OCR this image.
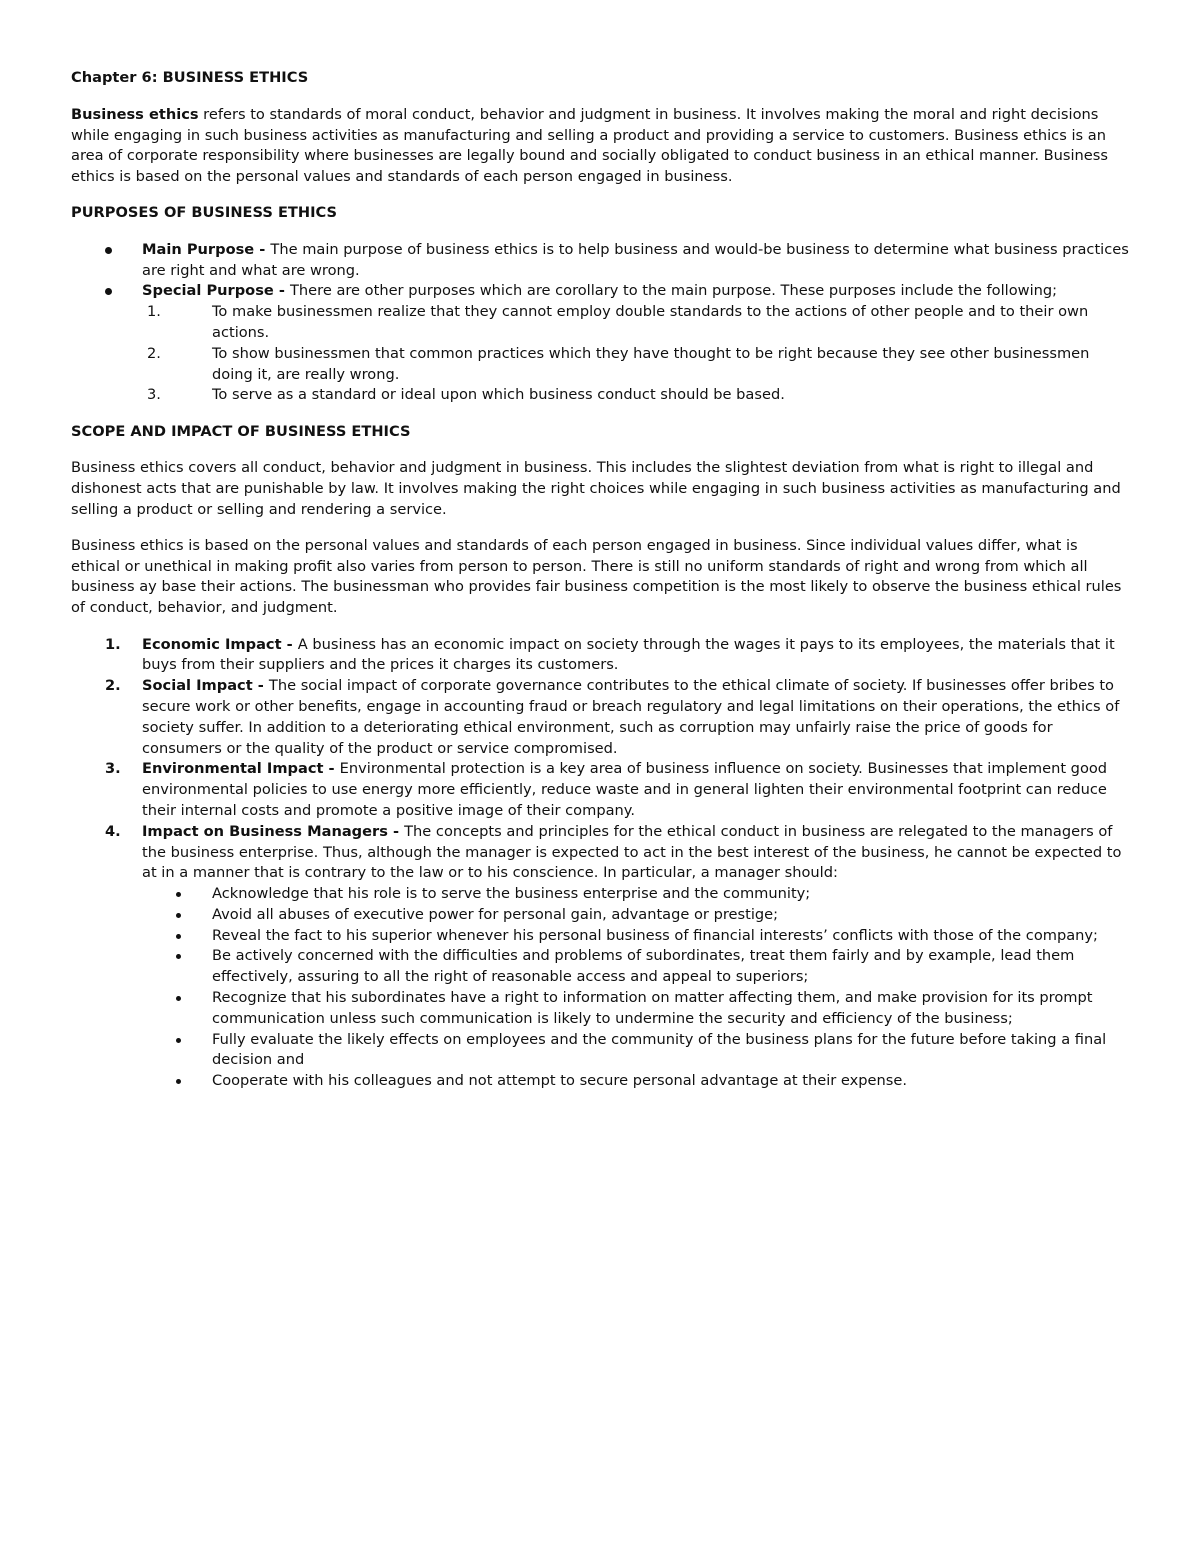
Chapter 6: BUSINESS ETHICS

Business ethics refers to standards of moral conduct, behavior and judgment in business. It involves making the moral and right decisions while engaging in such business activities as manufacturing and selling a product and providing a service to customers. Business ethics is an area of corporate responsibility where businesses are legally bound and socially obligated to conduct business in an ethical manner. Business ethics is based on the personal values and standards of each person engaged in business.

PURPOSES OF BUSINESS ETHICS

Main Purpose - The main purpose of business ethics is to help business and would-be business to determine what business practices are right and what are wrong.
Special Purpose - There are other purposes which are corollary to the main purpose. These purposes include the following;
1.	To make businessmen realize that they cannot employ double standards to the actions of other people and to their own actions.
2.	To show businessmen that common practices which they have thought to be right because they see other businessmen doing it, are really wrong.
3.	To serve as a standard or ideal upon which business conduct should be based.

SCOPE AND IMPACT OF BUSINESS ETHICS

Business ethics covers all conduct, behavior and judgment in business. This includes the slightest deviation from what is right to illegal and dishonest acts that are punishable by law. It involves making the right choices while engaging in such business activities as manufacturing and selling a product or selling and rendering a service.

Business ethics is based on the personal values and standards of each person engaged in business. Since individual values differ, what is ethical or unethical in making profit also varies from person to person. There is still no uniform standards of right and wrong from which all business ay base their actions. The businessman who provides fair business competition is the most likely to observe the business ethical rules of conduct, behavior, and judgment.

1.	Economic Impact - A business has an economic impact on society through the wages it pays to its employees, the materials that it buys from their suppliers and the prices it charges its customers.
2.	Social Impact - The social impact of corporate governance contributes to the ethical climate of society. If businesses offer bribes to secure work or other benefits, engage in accounting fraud or breach regulatory and legal limitations on their operations, the ethics of society suffer. In addition to a deteriorating ethical environment, such as corruption may unfairly raise the price of goods for consumers or the quality of the product or service compromised.
3.	Environmental Impact - Environmental protection is a key area of business influence on society. Businesses that implement good environmental policies to use energy more efficiently, reduce waste and in general lighten their environmental footprint can reduce their internal costs and promote a positive image of their company.
4.	Impact on Business Managers - The concepts and principles for the ethical conduct in business are relegated to the managers of the business enterprise. Thus, although the manager is expected to act in the best interest of the business, he cannot be expected to at in a manner that is contrary to the law or to his conscience. In particular, a manager should:
Acknowledge that his role is to serve the business enterprise and the community;
Avoid all abuses of executive power for personal gain, advantage or prestige;
Reveal the fact to his superior whenever his personal business of financial interests’ conflicts with those of the company;
Be actively concerned with the difficulties and problems of subordinates, treat them fairly and by example, lead them effectively, assuring to all the right of reasonable access and appeal to superiors;
Recognize that his subordinates have a right to information on matter affecting them, and make provision for its prompt communication unless such communication is likely to undermine the security and efficiency of the business;
Fully evaluate the likely effects on employees and the community of the business plans for the future before taking a final decision and
Cooperate with his colleagues and not attempt to secure personal advantage at their expense.
